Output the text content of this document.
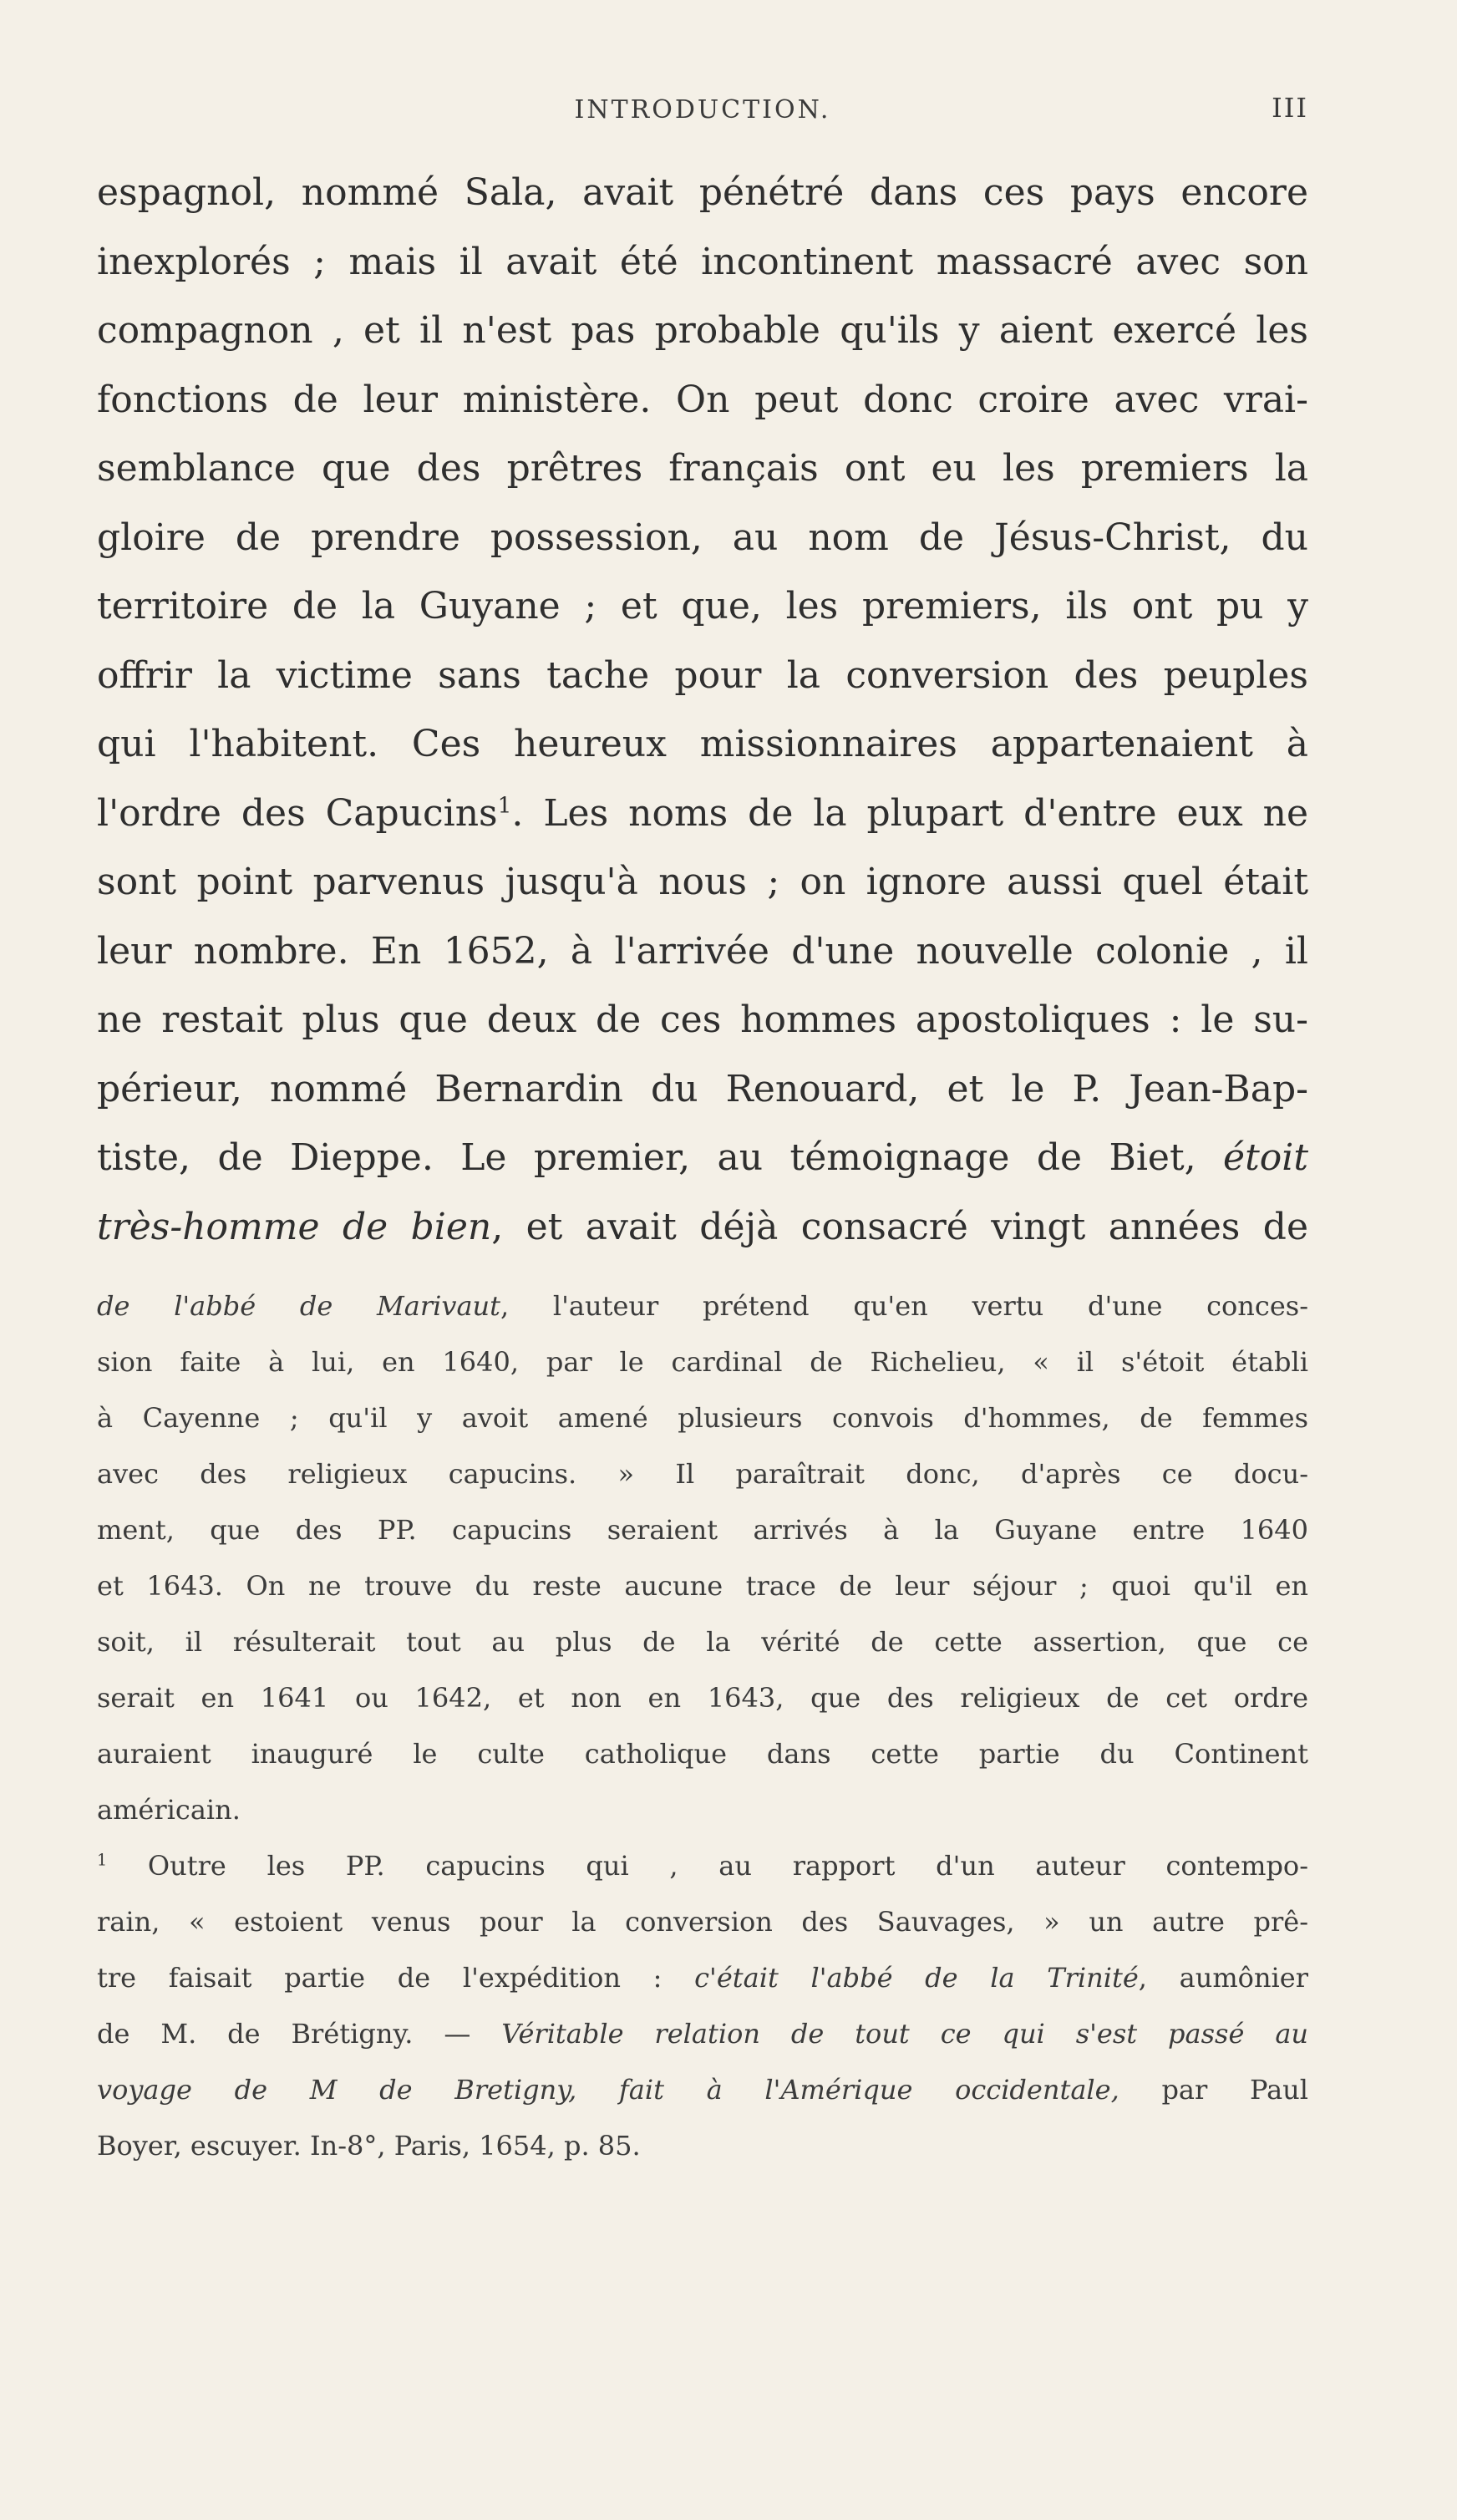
INTRODUCTION.	III
espagnol, nommé Sala, avait pénétré dans ces pays encore
inexplorés ; mais il avait été incontinent massacré avec son
compagnon , et il n'est pas probable qu'ils y aient exercé les
fonctions de leur ministère. On peut donc croire avec vrai-
semblance que des prêtres français ont eu les premiers la
gloire de prendre possession, au nom de Jésus-Christ, du
territoire de la Guyane ; et que, les premiers, ils ont pu y
offrir la victime sans tache pour la conversion des peuples
qui l'habitent. Ces heureux missionnaires appartenaient à
l'ordre des Capucins$^1$. Les noms de la plupart d'entre eux ne
sont point parvenus jusqu'à nous ; on ignore aussi quel était
leur nombre. En 1652, à l'arrivée d'une nouvelle colonie , il
ne restait plus que deux de ces hommes apostoliques : le su-
périeur, nommé Bernardin du Renouard, et le P. Jean-Bap-
tiste, de Dieppe. Le premier, au témoignage de Biet, étoit
très-homme de bien, et avait déjà consacré vingt années de
de l'abbé de Marivaut, l'auteur prétend qu'en vertu d'une conces-
sion faite à lui, en 1640, par le cardinal de Richelieu, « il s'étoit établi
à Cayenne ; qu'il y avoit amené plusieurs convois d'hommes, de femmes
avec des religieux capucins. » Il paraîtrait donc, d'après ce docu-
ment, que des PP. capucins seraient arrivés à la Guyane entre 1640
et 1643. On ne trouve du reste aucune trace de leur séjour ; quoi qu'il en
soit, il résulterait tout au plus de la vérité de cette assertion, que ce
serait en 1641 ou 1642, et non en 1643, que des religieux de cet ordre
auraient inauguré le culte catholique dans cette partie du Continent
américain.
$^1$ Outre les PP. capucins qui , au rapport d'un auteur contempo-
rain, « estoient venus pour la conversion des Sauvages, » un autre prê-
tre faisait partie de l'expédition : c'était l'abbé de la Trinité, aumônier
de M. de Brétigny. — Véritable relation de tout ce qui s'est passé au
voyage de M de Bretigny, fait à l'Amérique occidentale, par Paul
Boyer, escuyer. In-8°, Paris, 1654, p. 85.
